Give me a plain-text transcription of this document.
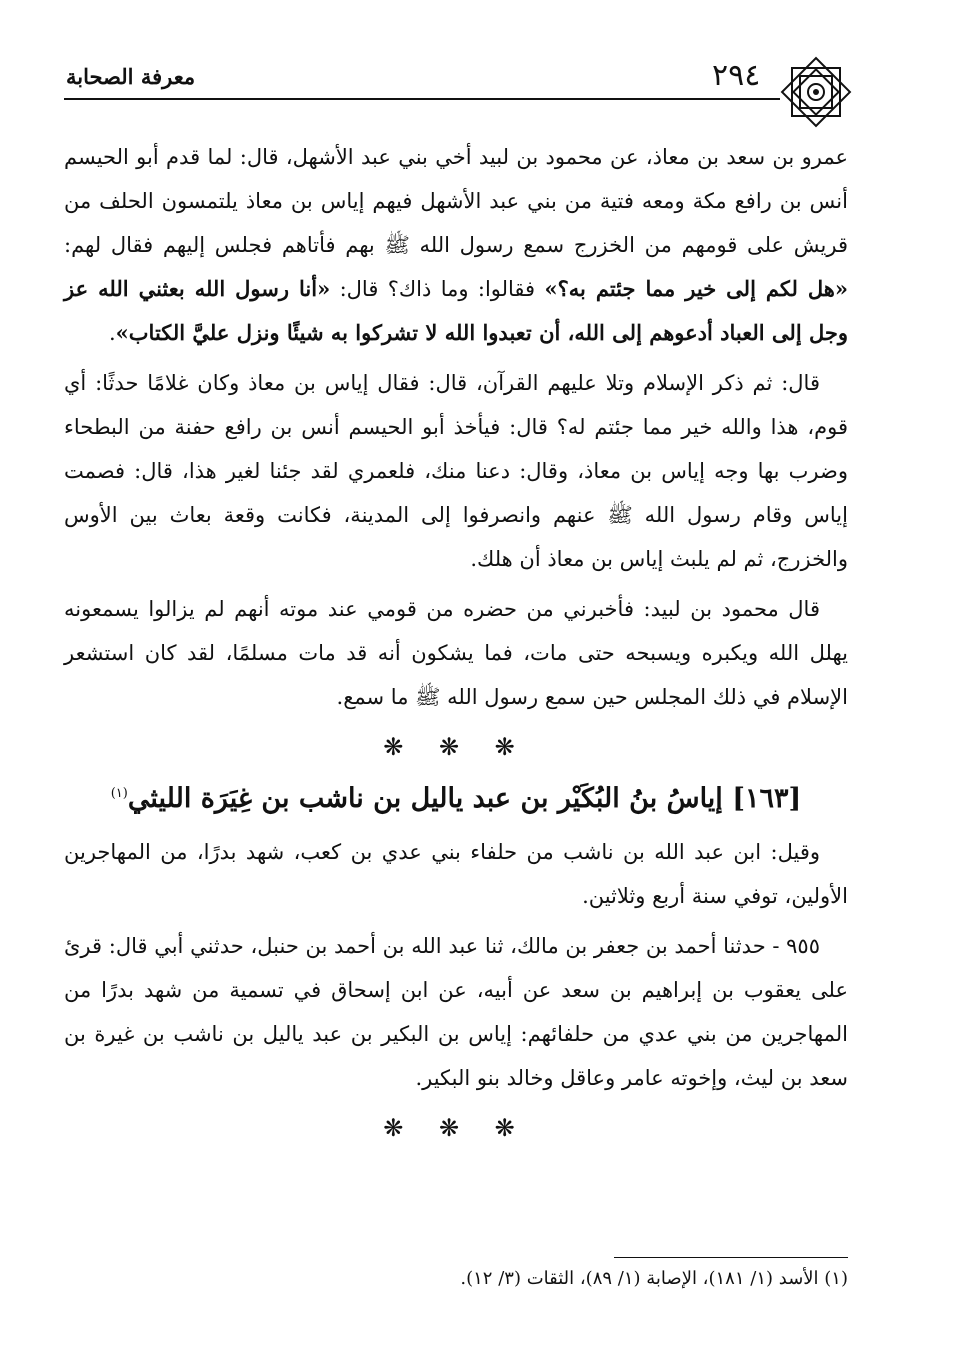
معرفة الصحابة	٢٩٤

عمرو بن سعد بن معاذ، عن محمود بن لبيد أخي بني عبد الأشهل، قال: لما قدم أبو الحيسم أنس بن رافع مكة ومعه فتية من بني عبد الأشهل فيهم إياس بن معاذ يلتمسون الحلف من قريش على قومهم من الخزرج سمع رسول الله ﷺ بهم فأتاهم فجلس إليهم فقال لهم: «هل لكم إلى خير مما جئتم به؟» فقالوا: وما ذاك؟ قال: «أنا رسول الله بعثني الله عز وجل إلى العباد أدعوهم إلى الله، أن تعبدوا الله لا تشركوا به شيئًا ونزل عليَّ الكتاب».

قال: ثم ذكر الإسلام وتلا عليهم القرآن، قال: فقال إياس بن معاذ وكان غلامًا حدثًا: أي قوم، هذا والله خير مما جئتم له؟ قال: فيأخذ أبو الحيسم أنس بن رافع حفنة من البطحاء وضرب بها وجه إياس بن معاذ، وقال: دعنا منك، فلعمري لقد جئنا لغير هذا، قال: فصمت إياس وقام رسول الله ﷺ عنهم وانصرفوا إلى المدينة، فكانت وقعة بعاث بين الأوس والخزرج، ثم لم يلبث إياس بن معاذ أن هلك.

قال محمود بن لبيد: فأخبرني من حضره من قومي عند موته أنهم لم يزالوا يسمعونه يهلل الله ويكبره ويسبحه حتى مات، فما يشكون أنه قد مات مسلمًا، لقد كان استشعر الإسلام في ذلك المجلس حين سمع رسول الله ﷺ ما سمع.

❋ ❋ ❋
[١٦٣] إياسُ بنُ البُكَيْر بن عبد ياليل بن ناشب بن غِيَرَة الليثي$^{(١)}$

وقيل: ابن عبد الله بن ناشب من حلفاء بني عدي بن كعب، شهد بدرًا، من المهاجرين الأولين، توفي سنة أربع وثلاثين.

٩٥٥ - حدثنا أحمد بن جعفر بن مالك، ثنا عبد الله بن أحمد بن حنبل، حدثني أبي قال: قرئ على يعقوب بن إبراهيم بن سعد عن أبيه، عن ابن إسحاق في تسمية من شهد بدرًا من المهاجرين من بني عدي من حلفائهم: إياس بن البكير بن عبد ياليل بن ناشب بن غيرة بن سعد بن ليث، وإخوته عامر وعاقل وخالد بنو البكير.

❋ ❋ ❋
(١) الأسد (١/ ١٨١)، الإصابة (١/ ٨٩)، الثقات (٣/ ١٢).
